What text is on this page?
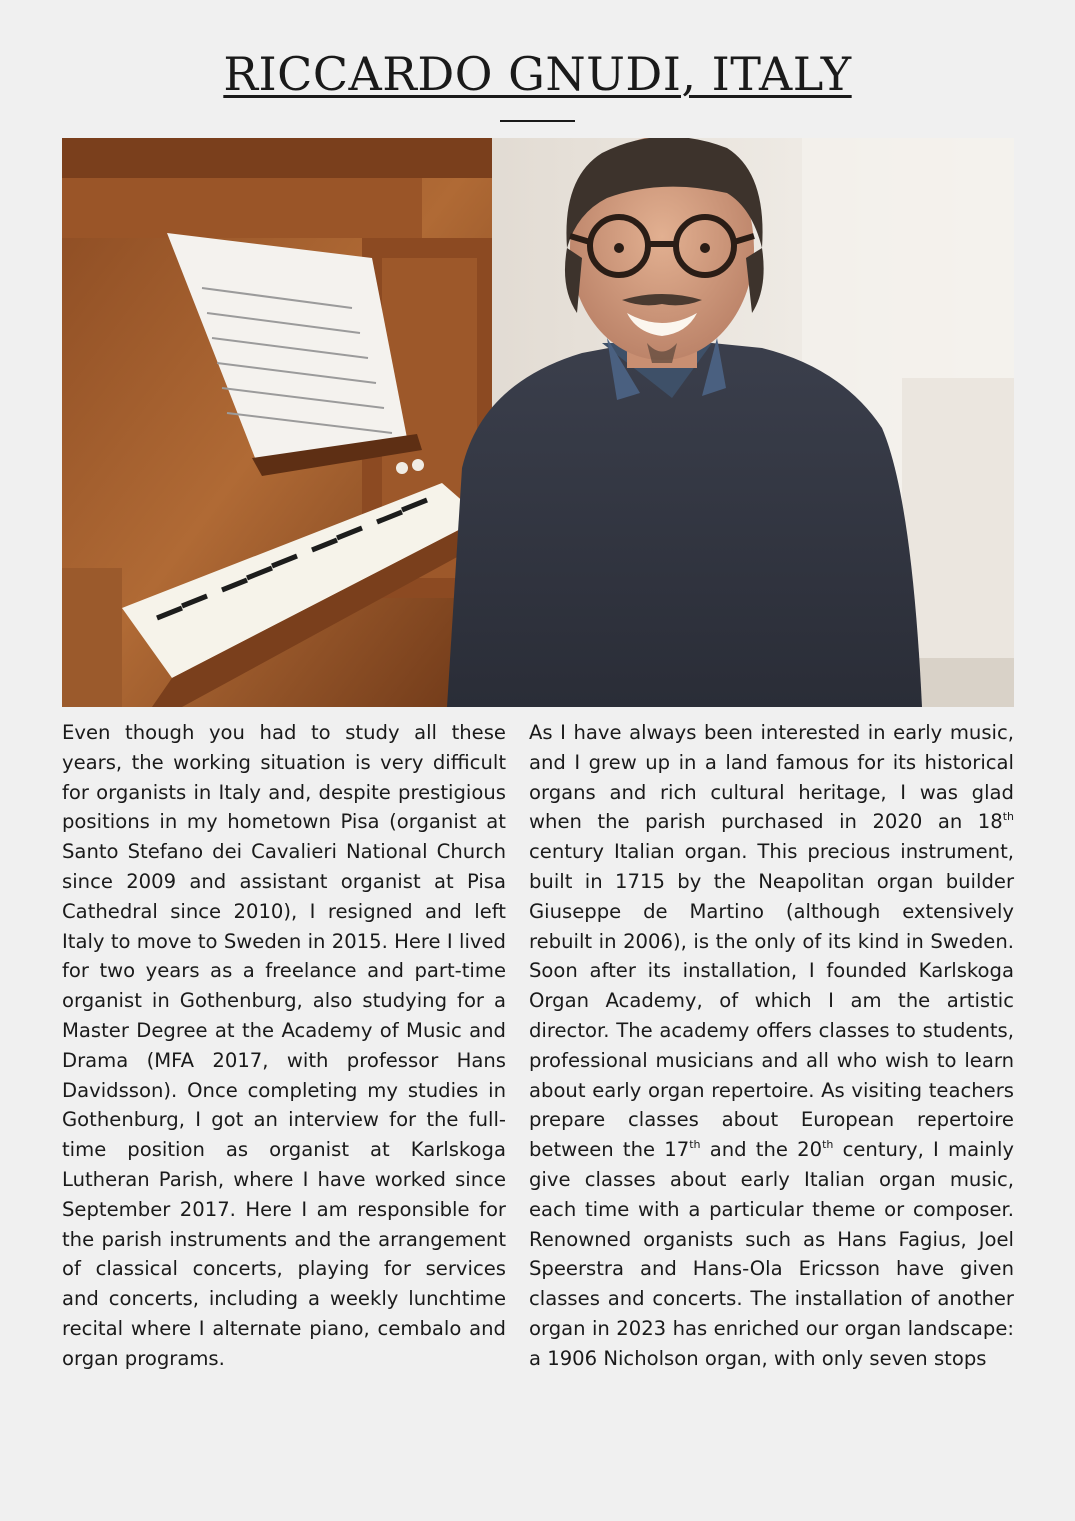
RICCARDO GNUDI, ITALY

Even though you had to study all these years, the working situation is very difficult for organists in Italy and, despite prestigious positions in my hometown Pisa (organist at Santo Stefano dei Cavalieri National Church since 2009 and assistant organist at Pisa Cathedral since 2010), I resigned and left Italy to move to Sweden in 2015. Here I lived for two years as a freelance and part-time organist in Gothenburg, also studying for a Master Degree at the Academy of Music and Drama (MFA 2017, with professor Hans Davidsson). Once completing my studies in Gothenburg, I got an interview for the full-time position as organist at Karlskoga Lutheran Parish, where I have worked since September 2017. Here I am responsible for the parish instruments and the arrangement of classical concerts, playing for services and concerts, including a weekly lunchtime recital where I alternate piano, cembalo and organ programs.

As I have always been interested in early music, and I grew up in a land famous for its historical organs and rich cultural heritage, I was glad when the parish purchased in 2020 an 18th century Italian organ. This precious instrument, built in 1715 by the Neapolitan organ builder Giuseppe de Martino (although extensively rebuilt in 2006), is the only of its kind in Sweden. Soon after its installation, I founded Karlskoga Organ Academy, of which I am the artistic director. The academy offers classes to students, professional musicians and all who wish to learn about early organ repertoire. As visiting teachers prepare classes about European repertoire between the 17th and the 20th century, I mainly give classes about early Italian organ music, each time with a particular theme or composer. Renowned organists such as Hans Fagius, Joel Speerstra and Hans-Ola Ericsson have given classes and concerts. The installation of another organ in 2023 has enriched our organ landscape: a 1906 Nicholson organ, with only seven stops
